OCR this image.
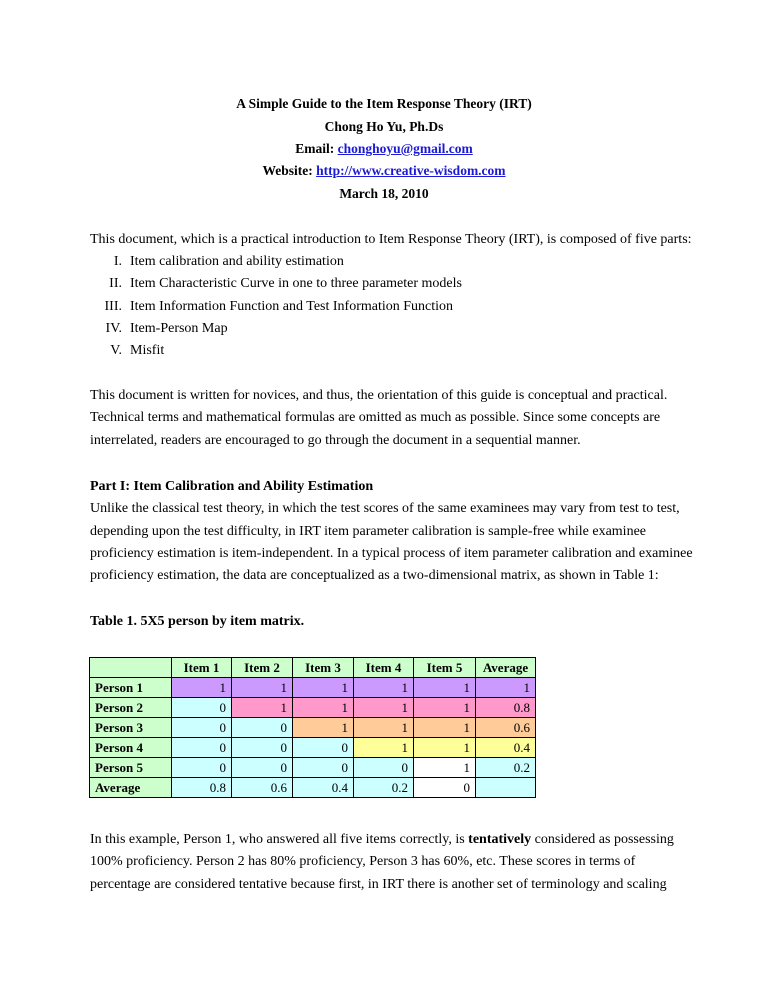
A Simple Guide to the Item Response Theory (IRT)
Chong Ho Yu, Ph.Ds
Email: chonghoyu@gmail.com
Website: http://www.creative-wisdom.com
March 18, 2010
This document, which is a practical introduction to Item Response Theory (IRT), is composed of five parts:
I. Item calibration and ability estimation
II. Item Characteristic Curve in one to three parameter models
III. Item Information Function and Test Information Function
IV. Item-Person Map
V. Misfit
This document is written for novices, and thus, the orientation of this guide is conceptual and practical.
Technical terms and mathematical formulas are omitted as much as possible. Since some concepts are
interrelated, readers are encouraged to go through the document in a sequential manner.
Part I: Item Calibration and Ability Estimation
Unlike the classical test theory, in which the test scores of the same examinees may vary from test to test,
depending upon the test difficulty, in IRT item parameter calibration is sample-free while examinee
proficiency estimation is item-independent. In a typical process of item parameter calibration and examinee
proficiency estimation, the data are conceptualized as a two-dimensional matrix, as shown in Table 1:
Table 1. 5X5 person by item matrix.
	Item 1	Item 2	Item 3	Item 4	Item 5	Average
Person 1	1	1	1	1	1	1
Person 2	0	1	1	1	1	0.8
Person 3	0	0	1	1	1	0.6
Person 4	0	0	0	1	1	0.4
Person 5	0	0	0	0	1	0.2
Average	0.8	0.6	0.4	0.2	0	
In this example, Person 1, who answered all five items correctly, is tentatively considered as possessing
100% proficiency. Person 2 has 80% proficiency, Person 3 has 60%, etc. These scores in terms of
percentage are considered tentative because first, in IRT there is another set of terminology and scaling
